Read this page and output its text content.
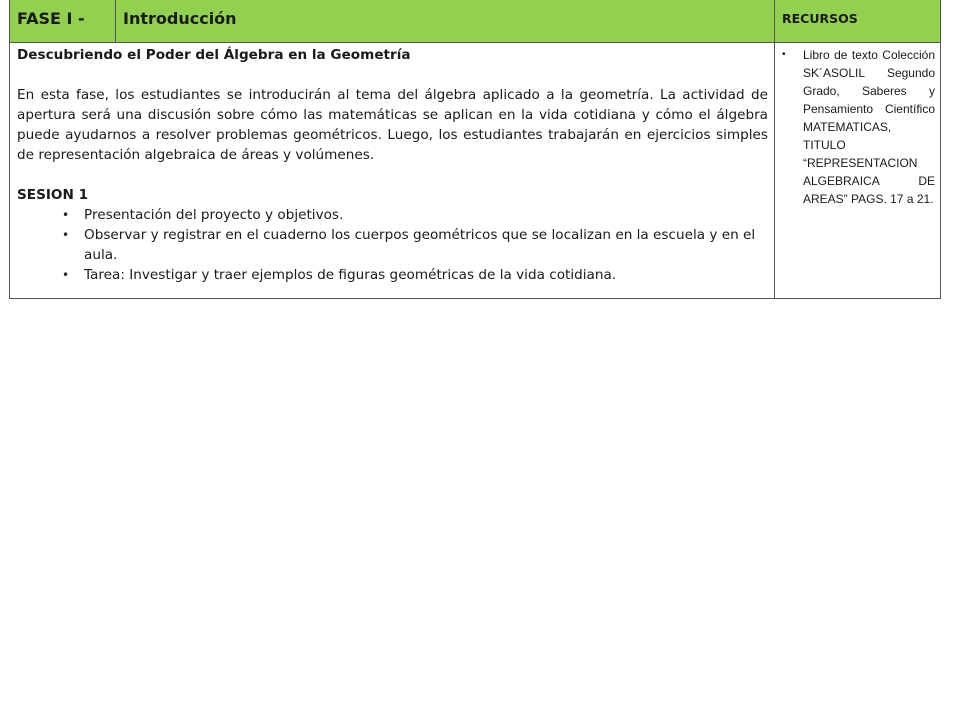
FASE I -	Introducción	RECURSOS

Descubriendo el Poder del Álgebra en la Geometría

En esta fase, los estudiantes se introducirán al tema del álgebra aplicado a la geometría. La actividad de apertura será una discusión sobre cómo las matemáticas se aplican en la vida cotidiana y cómo el álgebra puede ayudarnos a resolver problemas geométricos. Luego, los estudiantes trabajarán en ejercicios simples de representación algebraica de áreas y volúmenes.

SESION 1

• Presentación del proyecto y objetivos.
• Observar y registrar en el cuaderno los cuerpos geométricos que se localizan en la escuela y en el aula.
• Tarea: Investigar y traer ejemplos de figuras geométricas de la vida cotidiana.

• Libro de texto Colección SK´ASOLIL Segundo Grado, Saberes y Pensamiento Científico MATEMATICAS, TITULO “REPRESENTACION ALGEBRAICA DE AREAS” PAGS. 17 a 21.
